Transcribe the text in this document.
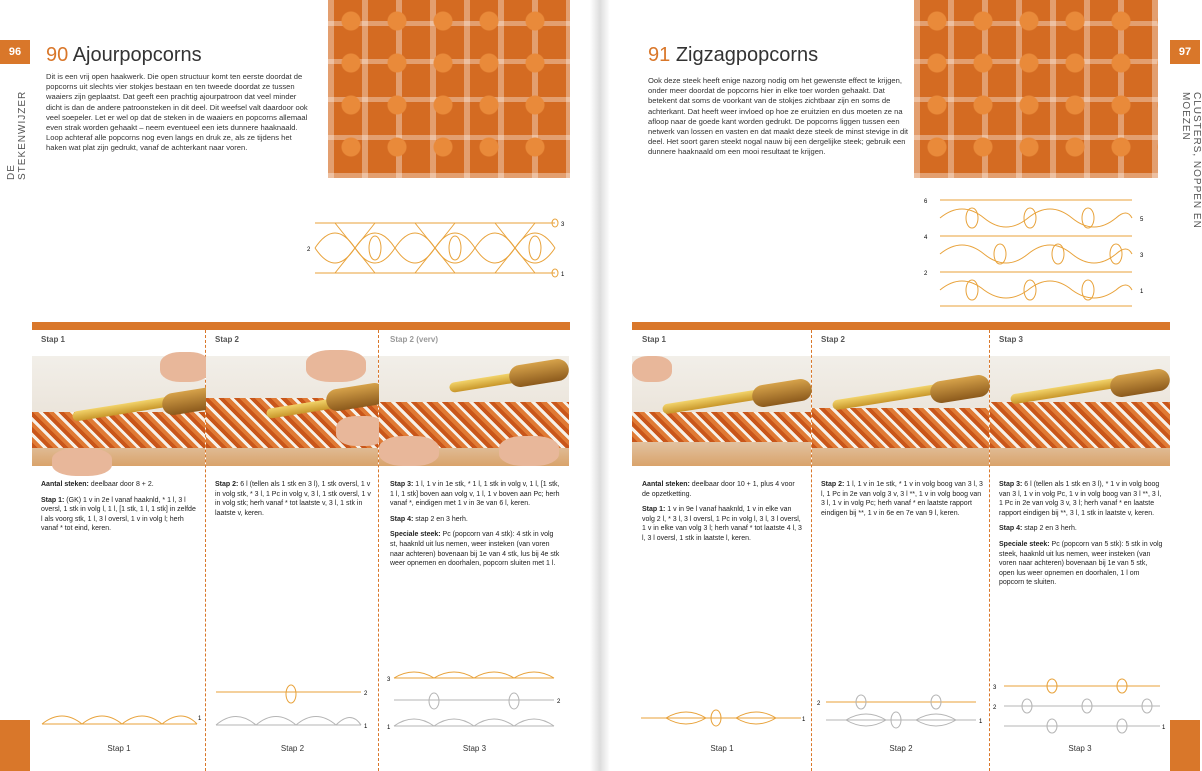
96
DE STEKENWIJZER
90 Ajourpopcorns
Dit is een vrij open haakwerk. Die open structuur komt ten eerste doordat de popcorns uit slechts vier stokjes bestaan en ten tweede doordat ze tussen waaiers zijn geplaatst. Dat geeft een prachtig ajourpatroon dat veel minder dicht is dan de andere patroonsteken in dit deel. Dit weefsel valt daardoor ook veel soepeler. Let er wel op dat de steken in de waaiers en popcorns allemaal even strak worden gehaakt – neem eventueel een iets dunnere haaknaald. Loop achteraf alle popcorns nog even langs en druk ze, als ze tijdens het haken wat plat zijn gedrukt, vanaf de achterkant naar voren.
3
2
1
Stap 1

Aantal steken: deelbaar door 8 + 2.

Stap 1: (GK) 1 v in 2e l vanaf haaknld, * 1 l, 3 l oversl, 1 stk in volg l, 1 l, [1 stk, 1 l, 1 stk] in zelfde l als voorg stk, 1 l, 3 l oversl, 1 v in volg l; herh vanaf * tot eind, keren.

1
Stap 1
Stap 2

Stap 2: 6 l (tellen als 1 stk en 3 l), 1 stk oversl, 1 v in volg stk, * 3 l, 1 Pc in volg v, 3 l, 1 stk oversl, 1 v in volg stk; herh vanaf * tot laatste v, 3 l, 1 stk in laatste v, keren.

2
1
Stap 2
Stap 2 (verv)

Stap 3: 1 l, 1 v in 1e stk, * 1 l, 1 stk in volg v, 1 l, [1 stk, 1 l, 1 stk] boven aan volg v, 1 l, 1 v boven aan Pc; herh vanaf *, eindigen met 1 v in 3e van 6 l, keren.

Stap 4: stap 2 en 3 herh.

Speciale steek: Pc (popcorn van 4 stk): 4 stk in volg st, haaknld uit lus nemen, weer insteken (van voren naar achteren) bovenaan bij 1e van 4 stk, lus bij 4e stk weer opnemen en doorhalen, popcorn sluiten met 1 l.

3
2
1
Stap 3
97
CLUSTERS, NOPPEN EN MOEZEN
91 Zigzagpopcorns
Ook deze steek heeft enige nazorg nodig om het gewenste effect te krijgen, onder meer doordat de popcorns hier in elke toer worden gehaakt. Dat betekent dat soms de voorkant van de stokjes zichtbaar zijn en soms de achterkant. Dat heeft weer invloed op hoe ze eruitzien en dus moeten ze na afloop naar de goede kant worden gedrukt. De popcorns liggen tussen een netwerk van lossen en vasten en dat maakt deze steek de minst stevige in dit deel. Het soort garen steekt nogal nauw bij een dergelijke steek; gebruik een dunnere haaknaald om een mooi resultaat te krijgen.
6
5
4
3
2
1
Stap 1

Aantal steken: deelbaar door 10 + 1, plus 4 voor de opzetketting.

Stap 1: 1 v in 9e l vanaf haaknld, 1 v in elke van volg 2 l, * 3 l, 3 l oversl, 1 Pc in volg l, 3 l, 3 l oversl, 1 v in elke van volg 3 l; herh vanaf * tot laatste 4 l, 3 l, 3 l oversl, 1 stk in laatste l, keren.

1
Stap 1
Stap 2

Stap 2: 1 l, 1 v in 1e stk, * 1 v in volg boog van 3 l, 3 l, 1 Pc in 2e van volg 3 v, 3 l **, 1 v in volg boog van 3 l, 1 v in volg Pc; herh vanaf * en laatste rapport eindigen bij **, 1 v in 6e en 7e van 9 l, keren.

2
1
Stap 2
Stap 3

Stap 3: 6 l (tellen als 1 stk en 3 l), * 1 v in volg boog van 3 l, 1 v in volg Pc, 1 v in volg boog van 3 l **, 3 l, 1 Pc in 2e van volg 3 v, 3 l; herh vanaf * en laatste rapport eindigen bij **, 3 l, 1 stk in laatste v, keren.

Stap 4: stap 2 en 3 herh.

Speciale steek: Pc (popcorn van 5 stk): 5 stk in volg steek, haaknld uit lus nemen, weer insteken (van voren naar achteren) bovenaan bij 1e van 5 stk, open lus weer opnemen en doorhalen, 1 l om popcorn te sluiten.

2
3
1
Stap 3
